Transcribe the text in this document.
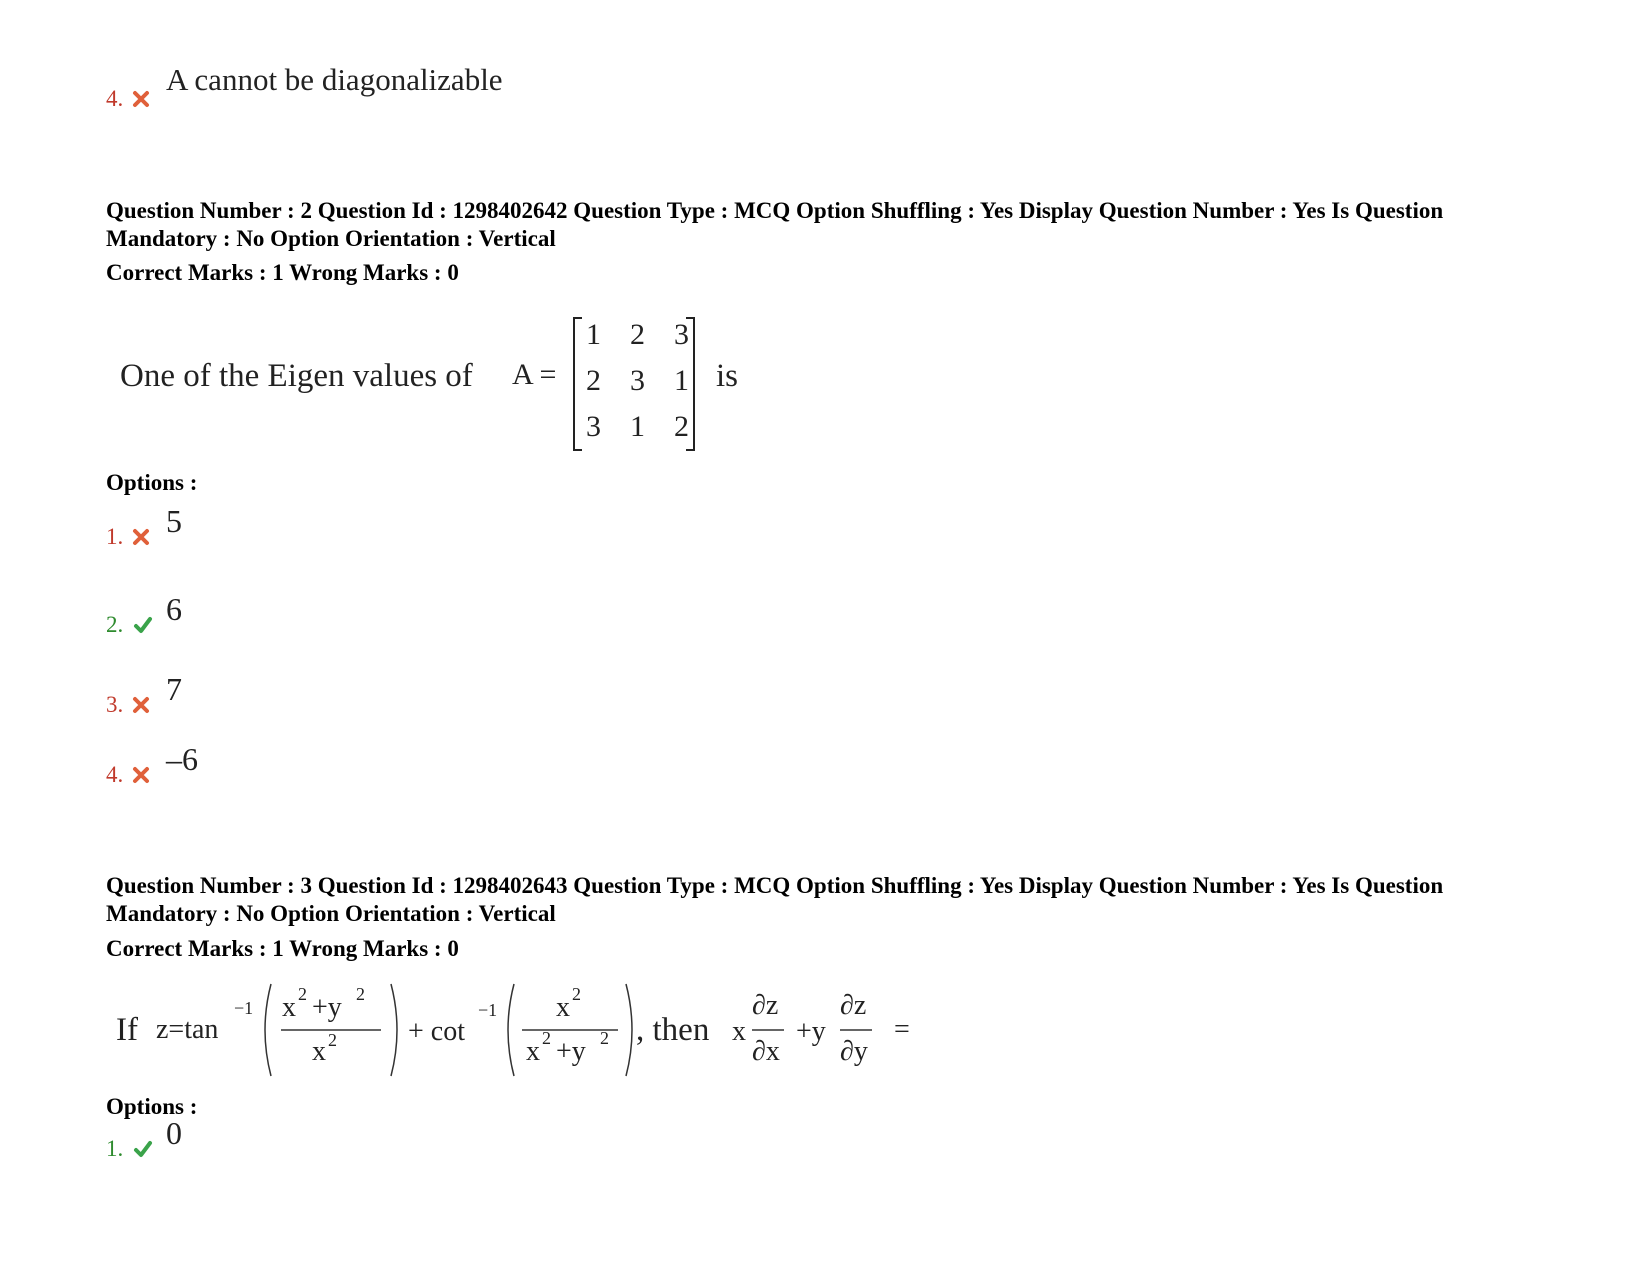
4.
A cannot be diagonalizable
Question Number : 2 Question Id : 1298402642 Question Type : MCQ Option Shuffling : Yes Display Question Number : Yes Is Question
Mandatory : No Option Orientation : Vertical
Correct Marks : 1 Wrong Marks : 0
One of the Eigen values of A =
1 2 3
2 3 1
3 1 2
is
Options :
1. 5
2. 6
3. 7
4. –6
Question Number : 3 Question Id : 1298402643 Question Type : MCQ Option Shuffling : Yes Display Question Number : Yes Is Question
Mandatory : No Option Orientation : Vertical
Correct Marks : 1 Wrong Marks : 0
If z=tan
−1 x 2 +y 2
x 2	+ cot
−1 x 2
x 2 +y 2 , then x
∂z
∂x
+y
∂z
∂y
=
Options :
1. 0
